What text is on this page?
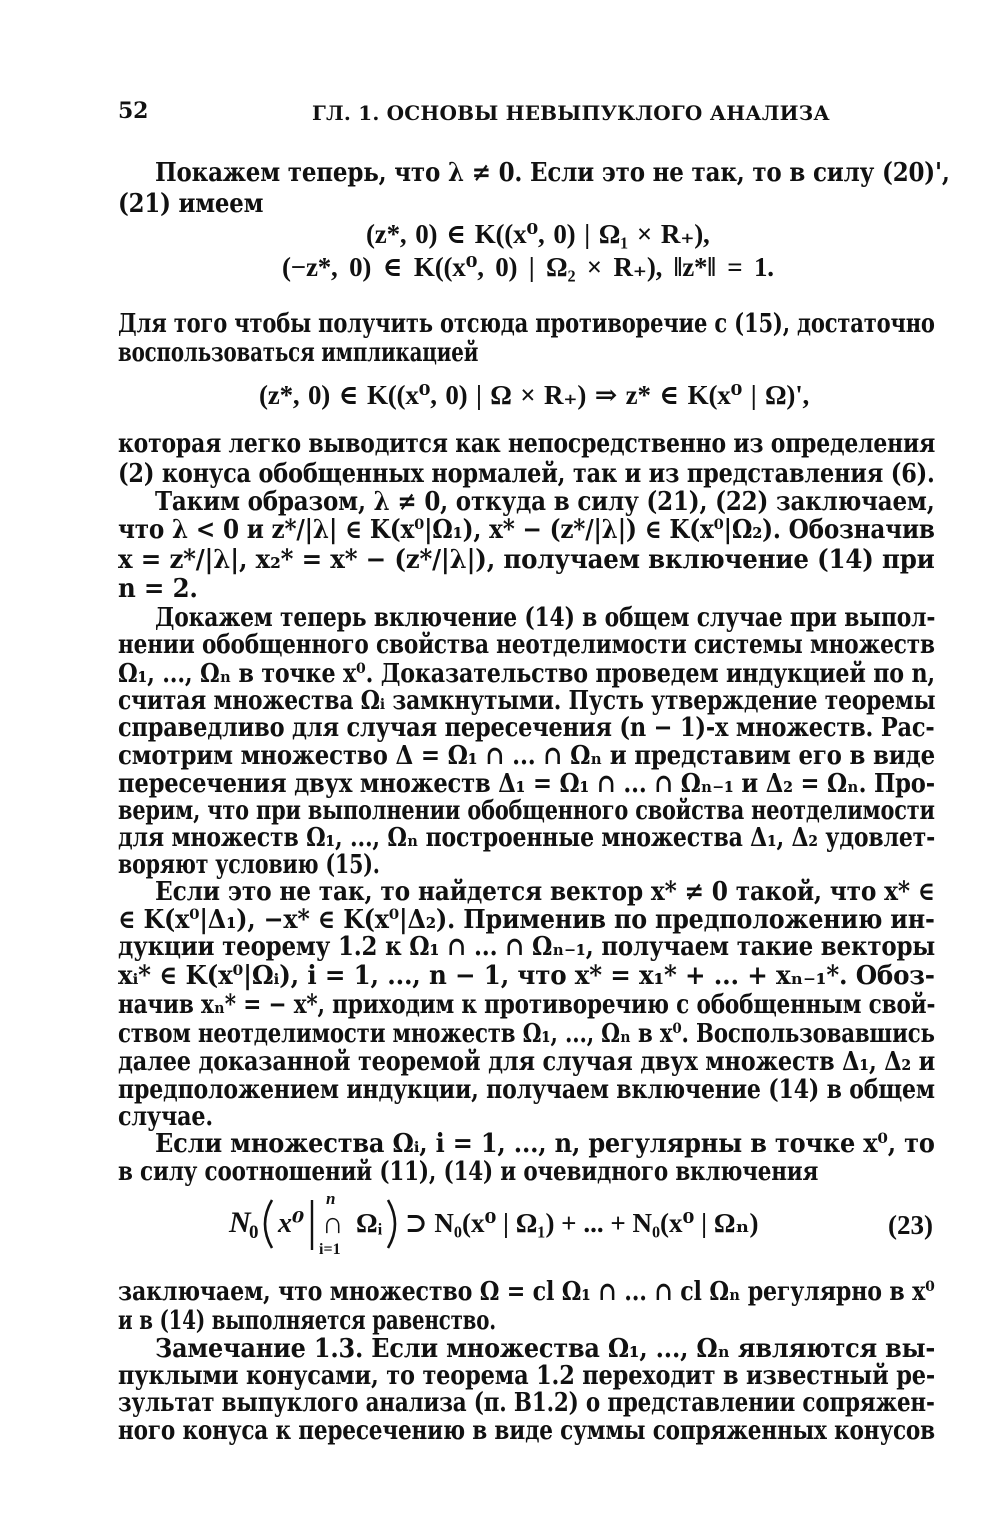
52	ГЛ. 1. ОСНОВЫ НЕВЫПУКЛОГО АНАЛИЗА
Покажем теперь, что λ ≠ 0. Если это не так, то в силу (20)',
(21) имеем
(z*, 0) ∈ K((x⁰, 0) | Ω₁ × R₊),
(−z*, 0) ∈ K((x⁰, 0) | Ω₂ × R₊), ‖z*‖ = 1.
Для того чтобы получить отсюда противоречие с (15), достаточно
воспользоваться импликацией
(z*, 0) ∈ K((x⁰, 0) | Ω × R₊) ⇒ z* ∈ K(x⁰ | Ω)',
которая легко выводится как непосредственно из определения
(2) конуса обобщенных нормалей, так и из представления (6).
Таким образом, λ ≠ 0, откуда в силу (21), (22) заключаем,
что λ < 0 и z*/|λ| ∈ K(x⁰|Ω₁), x* − (z*/|λ|) ∈ K(x⁰|Ω₂). Обозначив
x = z*/|λ|, x₂* = x* − (z*/|λ|), получаем включение (14) при
n = 2.
Докажем теперь включение (14) в общем случае при выпол-
нении обобщенного свойства неотделимости системы множеств
Ω₁, ..., Ωₙ в точке x⁰. Доказательство проведем индукцией по n,
считая множества Ωᵢ замкнутыми. Пусть утверждение теоремы
справедливо для случая пересечения (n − 1)-x множеств. Рас-
смотрим множество Δ = Ω₁ ∩ ... ∩ Ωₙ и представим его в виде
пересечения двух множеств Δ₁ = Ω₁ ∩ ... ∩ Ωₙ₋₁ и Δ₂ = Ωₙ. Про-
верим, что при выполнении обобщенного свойства неотделимости
для множеств Ω₁, ..., Ωₙ построенные множества Δ₁, Δ₂ удовлет-
воряют условию (15).
Если это не так, то найдется вектор x* ≠ 0 такой, что x* ∈
∈ K(x⁰|Δ₁), −x* ∈ K(x⁰|Δ₂). Применив по предположению ин-
дукции теорему 1.2 к Ω₁ ∩ ... ∩ Ωₙ₋₁, получаем такие векторы
xᵢ* ∈ K(x⁰|Ωᵢ), i = 1, ..., n − 1, что x* = x₁* + ... + xₙ₋₁*. Обоз-
начив xₙ* = − x*, приходим к противоречию с обобщенным свой-
ством неотделимости множеств Ω₁, ..., Ωₙ в x⁰. Воспользовавшись
далее доказанной теоремой для случая двух множеств Δ₁, Δ₂ и
предположением индукции, получаем включение (14) в общем
случае.
Если множества Ωᵢ, i = 1, ..., n, регулярны в точке x⁰, то
в силу соотношений (11), (14) и очевидного включения
заключаем, что множество Ω = cl Ω₁ ∩ ... ∩ cl Ωₙ регулярно в x⁰
и в (14) выполняется равенство.
Замечание 1.3. Если множества Ω₁, ..., Ωₙ являются вы-
пуклыми конусами, то теорема 1.2 переходит в известный ре-
зультат выпуклого анализа (п. B1.2) о представлении сопряжен-
ного конуса к пересечению в виде суммы сопряженных конусов
N
0 x⁰
n
∩
i=1
Ωᵢ ⊃ N₀(x⁰ | Ω₁) + ... + N₀(x⁰ | Ωₙ)	(23)
